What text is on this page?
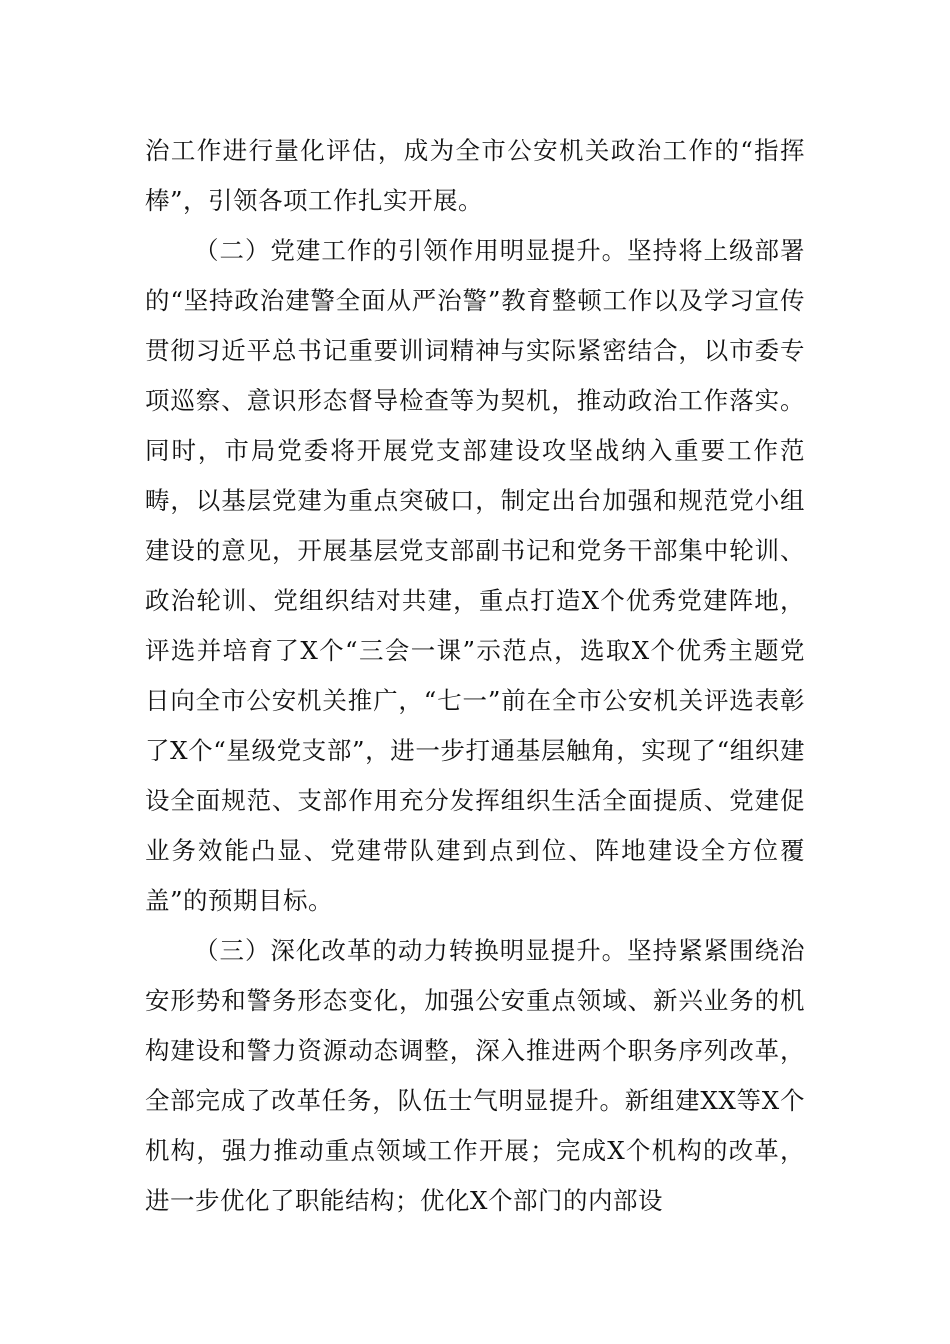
治工作进行量化评估，成为全市公安机关政治工作的“指挥棒”，引领各项工作扎实开展。

（二）党建工作的引领作用明显提升。坚持将上级部署的“坚持政治建警全面从严治警”教育整顿工作以及学习宣传贯彻习近平总书记重要训词精神与实际紧密结合，以市委专项巡察、意识形态督导检查等为契机，推动政治工作落实。同时，市局党委将开展党支部建设攻坚战纳入重要工作范畴，以基层党建为重点突破口，制定出台加强和规范党小组建设的意见，开展基层党支部副书记和党务干部集中轮训、政治轮训、党组织结对共建，重点打造X个优秀党建阵地，评选并培育了X个“三会一课”示范点，选取X个优秀主题党日向全市公安机关推广，“七一”前在全市公安机关评选表彰了X个“星级党支部”，进一步打通基层触角，实现了“组织建设全面规范、支部作用充分发挥组织生活全面提质、党建促业务效能凸显、党建带队建到点到位、阵地建设全方位覆盖”的预期目标。

（三）深化改革的动力转换明显提升。坚持紧紧围绕治安形势和警务形态变化，加强公安重点领域、新兴业务的机构建设和警力资源动态调整，深入推进两个职务序列改革，全部完成了改革任务，队伍士气明显提升。新组建XX等X个机构，强力推动重点领域工作开展；完成X个机构的改革，进一步优化了职能结构；优化X个部门的内部设
